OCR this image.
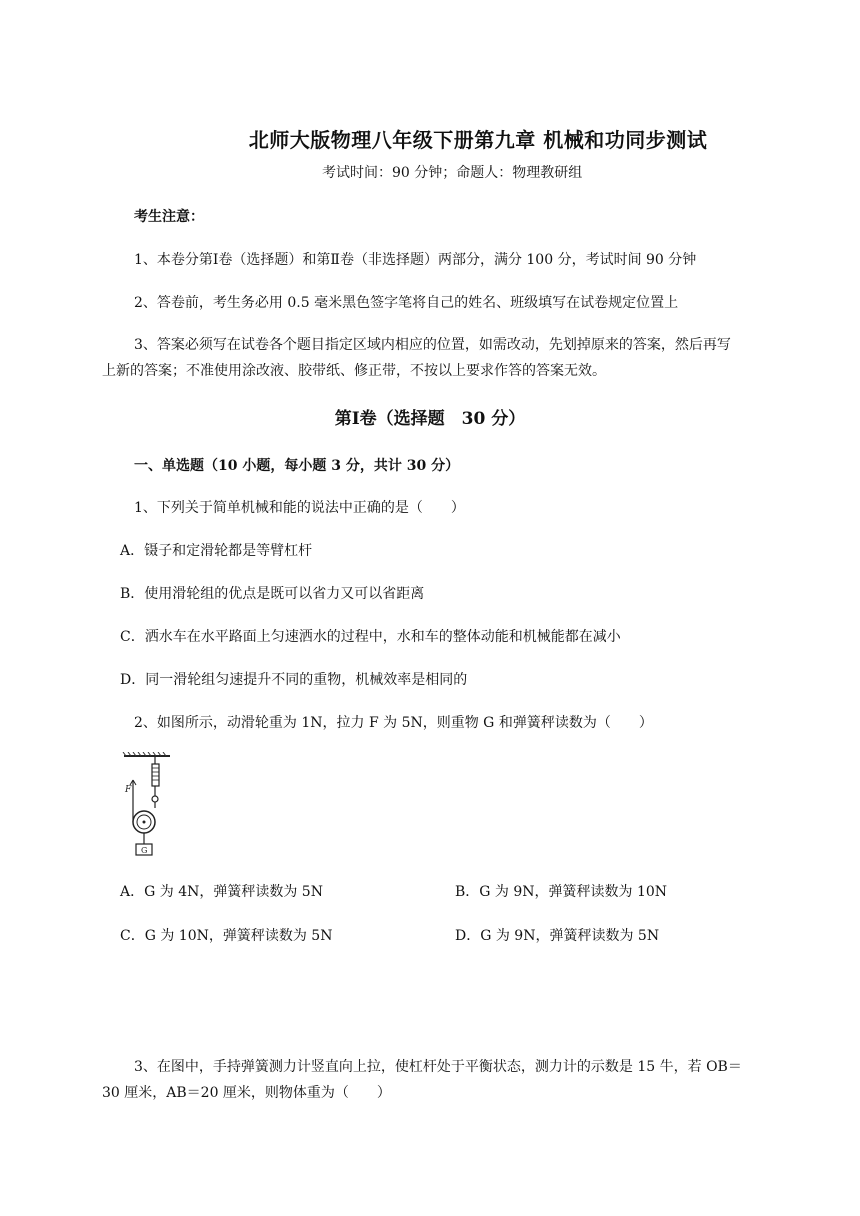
北师大版物理八年级下册第九章 机械和功同步测试
考试时间：90 分钟；命题人：物理教研组
考生注意：
1、本卷分第Ⅰ卷（选择题）和第Ⅱ卷（非选择题）两部分，满分 100 分，考试时间 90 分钟
2、答卷前，考生务必用 0.5 毫米黑色签字笔将自己的姓名、班级填写在试卷规定位置上
3、答案必须写在试卷各个题目指定区域内相应的位置，如需改动，先划掉原来的答案，然后再写
上新的答案；不准使用涂改液、胶带纸、修正带，不按以上要求作答的答案无效。
第Ⅰ卷（选择题　30 分）
一、单选题（10 小题，每小题 3 分，共计 30 分）
1、下列关于简单机械和能的说法中正确的是（　　）
A．镊子和定滑轮都是等臂杠杆
B．使用滑轮组的优点是既可以省力又可以省距离
C．洒水车在水平路面上匀速洒水的过程中，水和车的整体动能和机械能都在减小
D．同一滑轮组匀速提升不同的重物，机械效率是相同的
2、如图所示，动滑轮重为 1N，拉力 F 为 5N，则重物 G 和弹簧秤读数为（　　）
F
G
A．G 为 4N，弹簧秤读数为 5N	B．G 为 9N，弹簧秤读数为 10N
C．G 为 10N，弹簧秤读数为 5N	D．G 为 9N，弹簧秤读数为 5N
3、在图中，手持弹簧测力计竖直向上拉，使杠杆处于平衡状态，测力计的示数是 15 牛，若 OB＝
30 厘米，AB＝20 厘米，则物体重为（　　）
